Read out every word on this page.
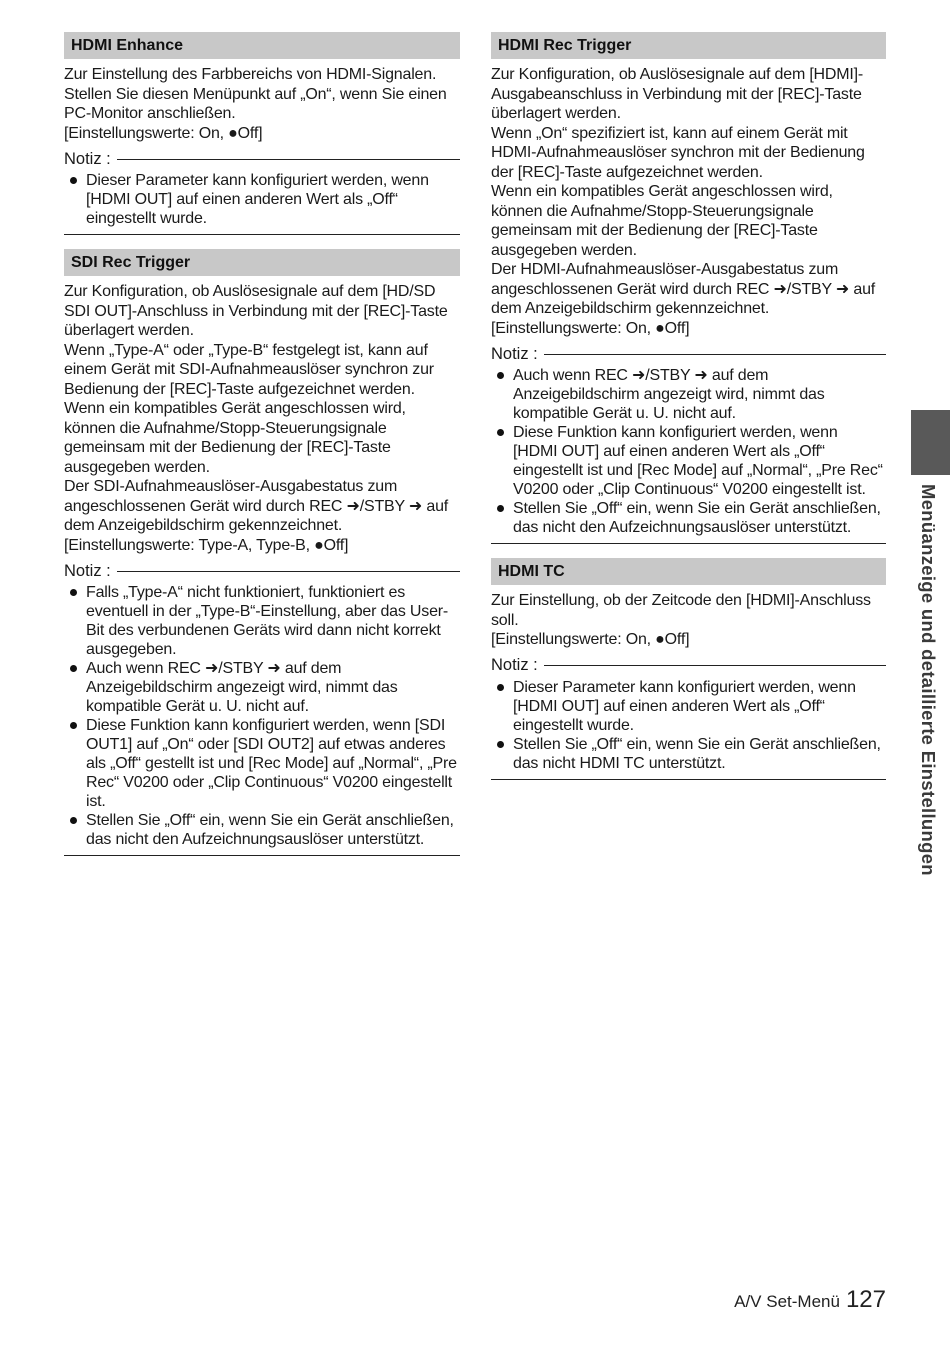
HDMI Enhance

Zur Einstellung des Farbbereichs von HDMI-Signalen.

Stellen Sie diesen Menüpunkt auf „On“, wenn Sie einen

PC-Monitor anschließen.

[Einstellungswerte: On, ●Off]

Notiz :
Dieser Parameter kann konfiguriert werden, wenn [HDMI OUT] auf einen anderen Wert als „Off“ eingestellt wurde.
SDI Rec Trigger

Zur Konfiguration, ob Auslösesignale auf dem [HD/SD SDI OUT]-Anschluss in Verbindung mit der [REC]-Taste überlagert werden.

Wenn „Type-A“ oder „Type-B“ festgelegt ist, kann auf einem Gerät mit SDI-Aufnahmeauslöser synchron zur Bedienung der [REC]-Taste aufgezeichnet werden.

Wenn ein kompatibles Gerät angeschlossen wird, können die Aufnahme/Stopp-Steuerungsignale gemeinsam mit der Bedienung der [REC]-Taste ausgegeben werden.

Der SDI-Aufnahmeauslöser-Ausgabestatus zum angeschlossenen Gerät wird durch REC ➜/STBY ➜ auf dem Anzeigebildschirm gekennzeichnet.

[Einstellungswerte: Type-A, Type-B, ●Off]

Notiz :
Falls „Type-A“ nicht funktioniert, funktioniert es eventuell in der „Type-B“-Einstellung, aber das User-Bit des verbundenen Geräts wird dann nicht korrekt ausgegeben.
Auch wenn REC ➜/STBY ➜ auf dem Anzeigebildschirm angezeigt wird, nimmt das kompatible Gerät u. U. nicht auf.
Diese Funktion kann konfiguriert werden, wenn [SDI OUT1] auf „On“ oder [SDI OUT2] auf etwas anderes als „Off“ gestellt ist und [Rec Mode] auf „Normal“, „Pre Rec“ V0200 oder „Clip Continuous“ V0200 eingestellt ist.
Stellen Sie „Off“ ein, wenn Sie ein Gerät anschließen, das nicht den Aufzeichnungsauslöser unterstützt.
HDMI Rec Trigger

Zur Konfiguration, ob Auslösesignale auf dem [HDMI]-Ausgabeanschluss in Verbindung mit der [REC]-Taste überlagert werden.

Wenn „On“ spezifiziert ist, kann auf einem Gerät mit HDMI-Aufnahmeauslöser synchron mit der Bedienung der [REC]-Taste aufgezeichnet werden.

Wenn ein kompatibles Gerät angeschlossen wird, können die Aufnahme/Stopp-Steuerungsignale gemeinsam mit der Bedienung der [REC]-Taste ausgegeben werden.

Der HDMI-Aufnahmeauslöser-Ausgabestatus zum angeschlossenen Gerät wird durch REC ➜/STBY ➜ auf dem Anzeigebildschirm gekennzeichnet.

[Einstellungswerte: On, ●Off]

Notiz :
Auch wenn REC ➜/STBY ➜ auf dem Anzeigebildschirm angezeigt wird, nimmt das kompatible Gerät u. U. nicht auf.
Diese Funktion kann konfiguriert werden, wenn [HDMI OUT] auf einen anderen Wert als „Off“ eingestellt ist und [Rec Mode] auf „Normal“, „Pre Rec“ V0200 oder „Clip Continuous“ V0200 eingestellt ist.
Stellen Sie „Off“ ein, wenn Sie ein Gerät anschließen, das nicht den Aufzeichnungsauslöser unterstützt.
HDMI TC

Zur Einstellung, ob der Zeitcode den [HDMI]-Anschluss soll.

[Einstellungswerte: On, ●Off]

Notiz :
Dieser Parameter kann konfiguriert werden, wenn [HDMI OUT] auf einen anderen Wert als „Off“ eingestellt wurde.
Stellen Sie „Off“ ein, wenn Sie ein Gerät anschließen, das nicht HDMI TC unterstützt.	Menüanzeige und detaillierte Einstellungen
A/V Set-Menü 127
